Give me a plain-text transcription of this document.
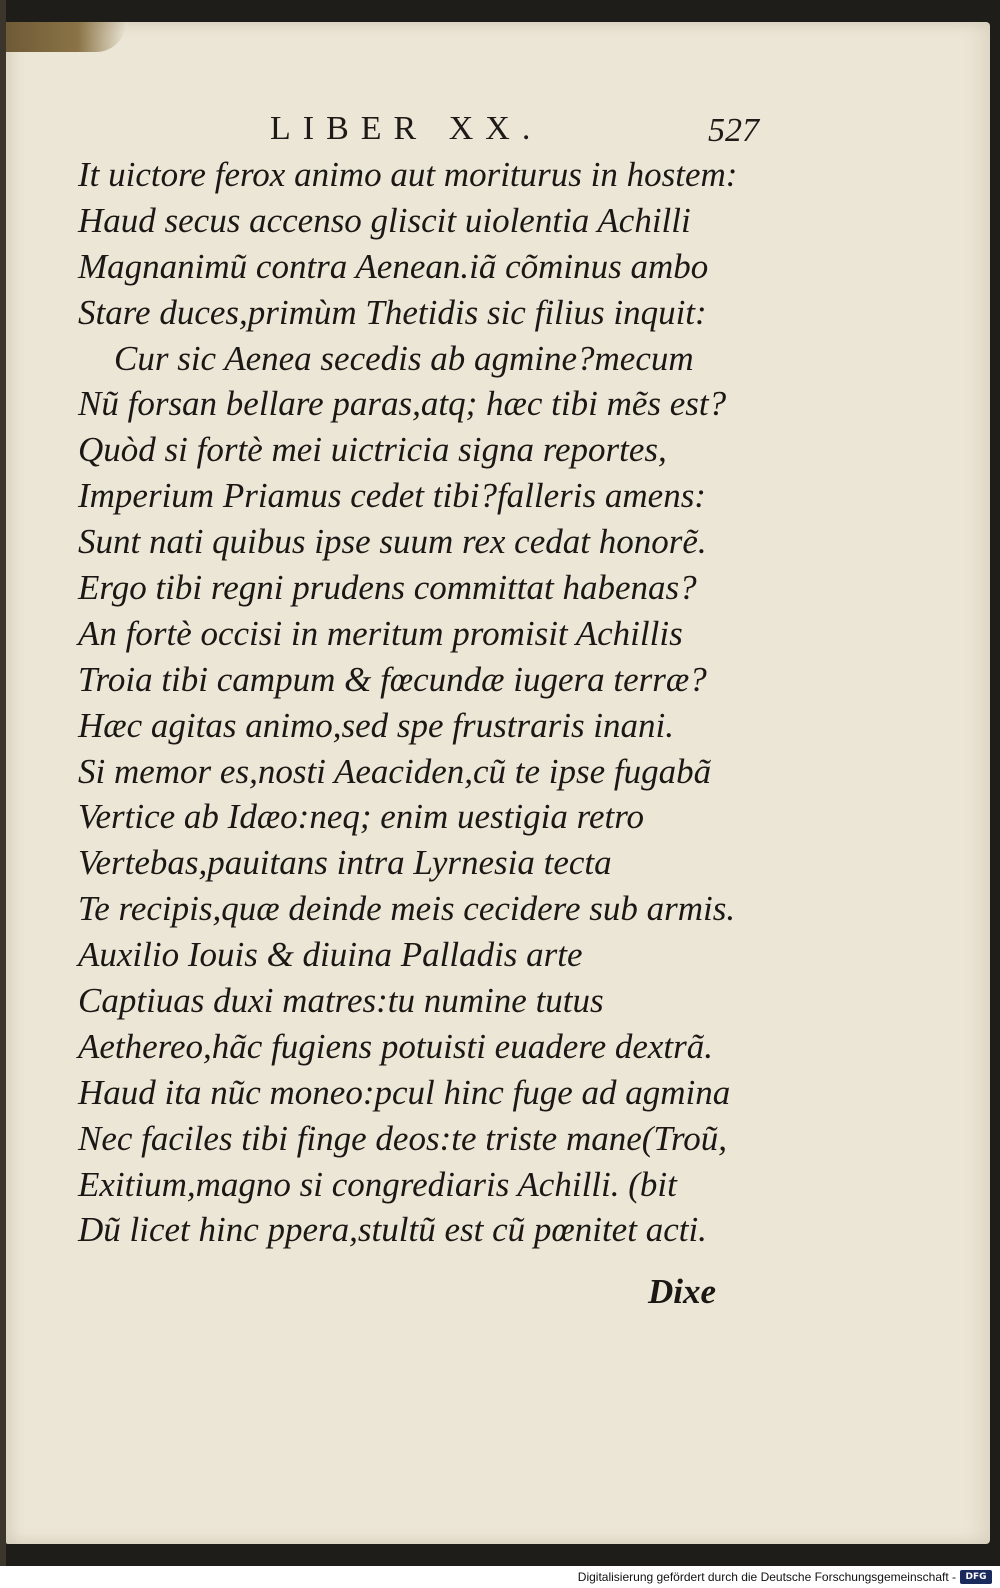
LIBER XX.	527
It uictore ferox animo aut moriturus in hostem:
Haud secus accenso gliscit uiolentia Achilli
Magnanimũ contra Aenean.iã cõminus ambo
Stare duces,primùm Thetidis sic filius inquit:
Cur sic Aenea secedis ab agmine?mecum
Nũ forsan bellare paras,atq; hæc tibi mẽs est?
Quòd si fortè mei uictricia signa reportes,
Imperium Priamus cedet tibi?falleris amens:
Sunt nati quibus ipse suum rex cedat honorẽ.
Ergo tibi regni prudens committat habenas?
An fortè occisi in meritum promisit Achillis
Troia tibi campum & fœcundæ iugera terræ?
Hæc agitas animo,sed spe frustraris inani.
Si memor es,nosti Aeaciden,cũ te ipse fugabã
Vertice ab Idæo:neq; enim uestigia retro
Vertebas,pauitans intra Lyrnesia tecta
Te recipis,quæ deinde meis cecidere sub armis.
Auxilio Iouis & diuina Palladis arte
Captiuas duxi matres:tu numine tutus
Aethereo,hãc fugiens potuisti euadere dextrã.
Haud ita nũc moneo:pcul hinc fuge ad agmina
Nec faciles tibi finge deos:te triste mane(Troũ,
Exitium,magno si congrediaris Achilli. (bit
Dũ licet hinc ppera,stultũ est cũ pœnitet acti.
Dixe
Digitalisierung gefördert durch die Deutsche Forschungsgemeinschaft -	DFG
